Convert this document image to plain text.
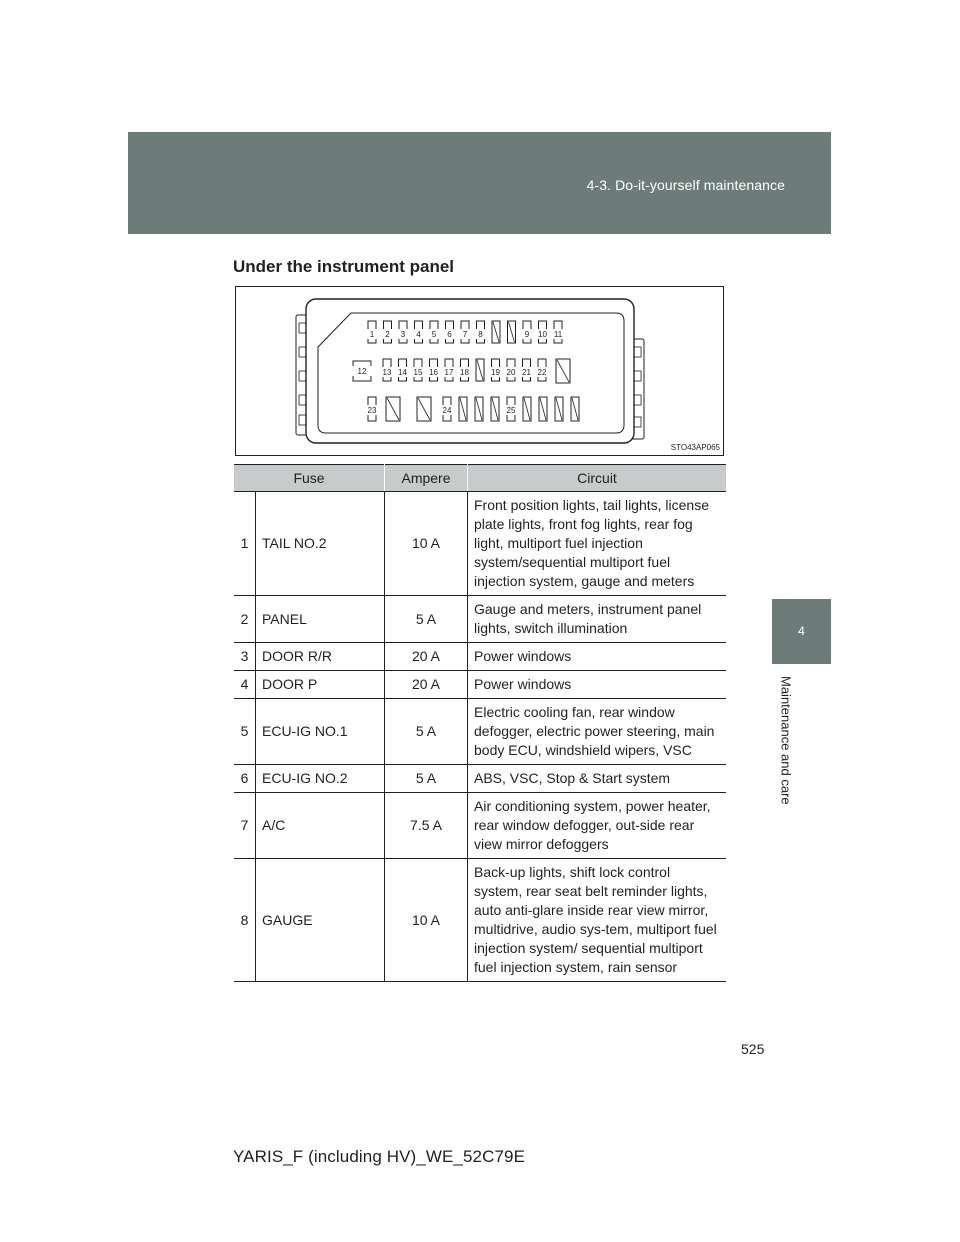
4-3. Do-it-yourself maintenance
4
Maintenance and care
Under the instrument panel
1 2 3 4 5 6 7 8	9 10 11
12 13 14 15 16 17 18	19 20 21 22
23	24	25
STO43AP065
Fuse		Ampere	Circuit
1	TAIL NO.2	10 A	Front position lights, tail lights, license plate lights, front fog lights, rear fog light, multiport fuel injection system/sequential multiport fuel injection system, gauge and meters
2	PANEL	5 A	Gauge and meters, instrument panel lights, switch illumination
3	DOOR R/R	20 A	Power windows
4	DOOR P	20 A	Power windows
5	ECU-IG NO.1	5 A	Electric cooling fan, rear window defogger, electric power steering, main body ECU, windshield wipers, VSC
6	ECU-IG NO.2	5 A	ABS, VSC, Stop & Start system
7	A/C	7.5 A	Air conditioning system, power heater, rear window defogger, out-side rear view mirror defoggers
8	GAUGE	10 A	Back-up lights, shift lock control system, rear seat belt reminder lights, auto anti-glare inside rear view mirror, multidrive, audio sys-tem, multiport fuel injection system/ sequential multiport fuel injection system, rain sensor
525
YARIS_F (including HV)_WE_52C79E
